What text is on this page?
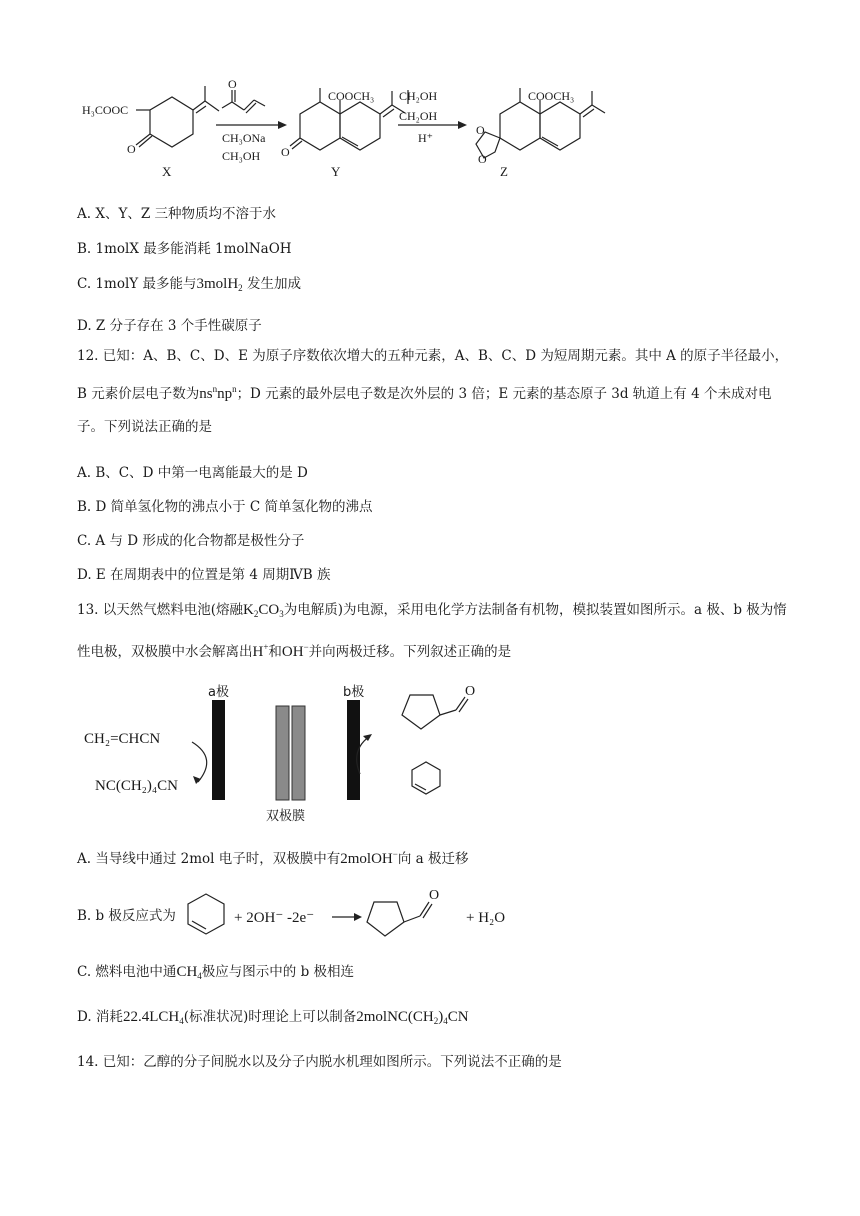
H₃COOC
O
X
O
CH₃ONa
CH₃OH
COOCH₃
O
Y
CH₂OH
CH₂OH
H⁺
COOCH₃
O
O
Z
A. X、Y、Z 三种物质均不溶于水
B. 1molX 最多能消耗 1molNaOH
C. 1molY 最多能与3molH$_2$ 发生加成
D. Z 分子存在 3 个手性碳原子
12. 已知：A、B、C、D、E 为原子序数依次增大的五种元素，A、B、C、D 为短周期元素。其中 A 的原子半径最小，B 元素价层电子数为$ns^nnp^n$；D 元素的最外层电子数是次外层的 3 倍；E 元素的基态原子 3d 轨道上有 4 个未成对电子。下列说法正确的是
A. B、C、D 中第一电离能最大的是 D
B. D 简单氢化物的沸点小于 C 简单氢化物的沸点
C. A 与 D 形成的化合物都是极性分子
D. E 在周期表中的位置是第 4 周期ⅣB 族
13. 以天然气燃料电池(熔融$K_2CO_3$为电解质)为电源，采用电化学方法制备有机物，模拟装置如图所示。a 极、b 极为惰性电极，双极膜中水会解离出H+和OH−并向两极迁移。下列叙述正确的是
a极	b极
双极膜
CH₂=CHCN
NC(CH₂)₄CN
O
A. 当导线中通过 2mol 电子时，双极膜中有2molOH−向 a 极迁移
B. b 极反应式为	+ 2OH⁻ -2e⁻
O
+ H₂O
C. 燃料电池中通$CH_4$极应与图示中的 b 极相连
D. 消耗$22.4LCH_4$(标准状况)时理论上可以制备$2molNC(CH_2)_4CN$
14. 已知：乙醇的分子间脱水以及分子内脱水机理如图所示。下列说法不正确的是
